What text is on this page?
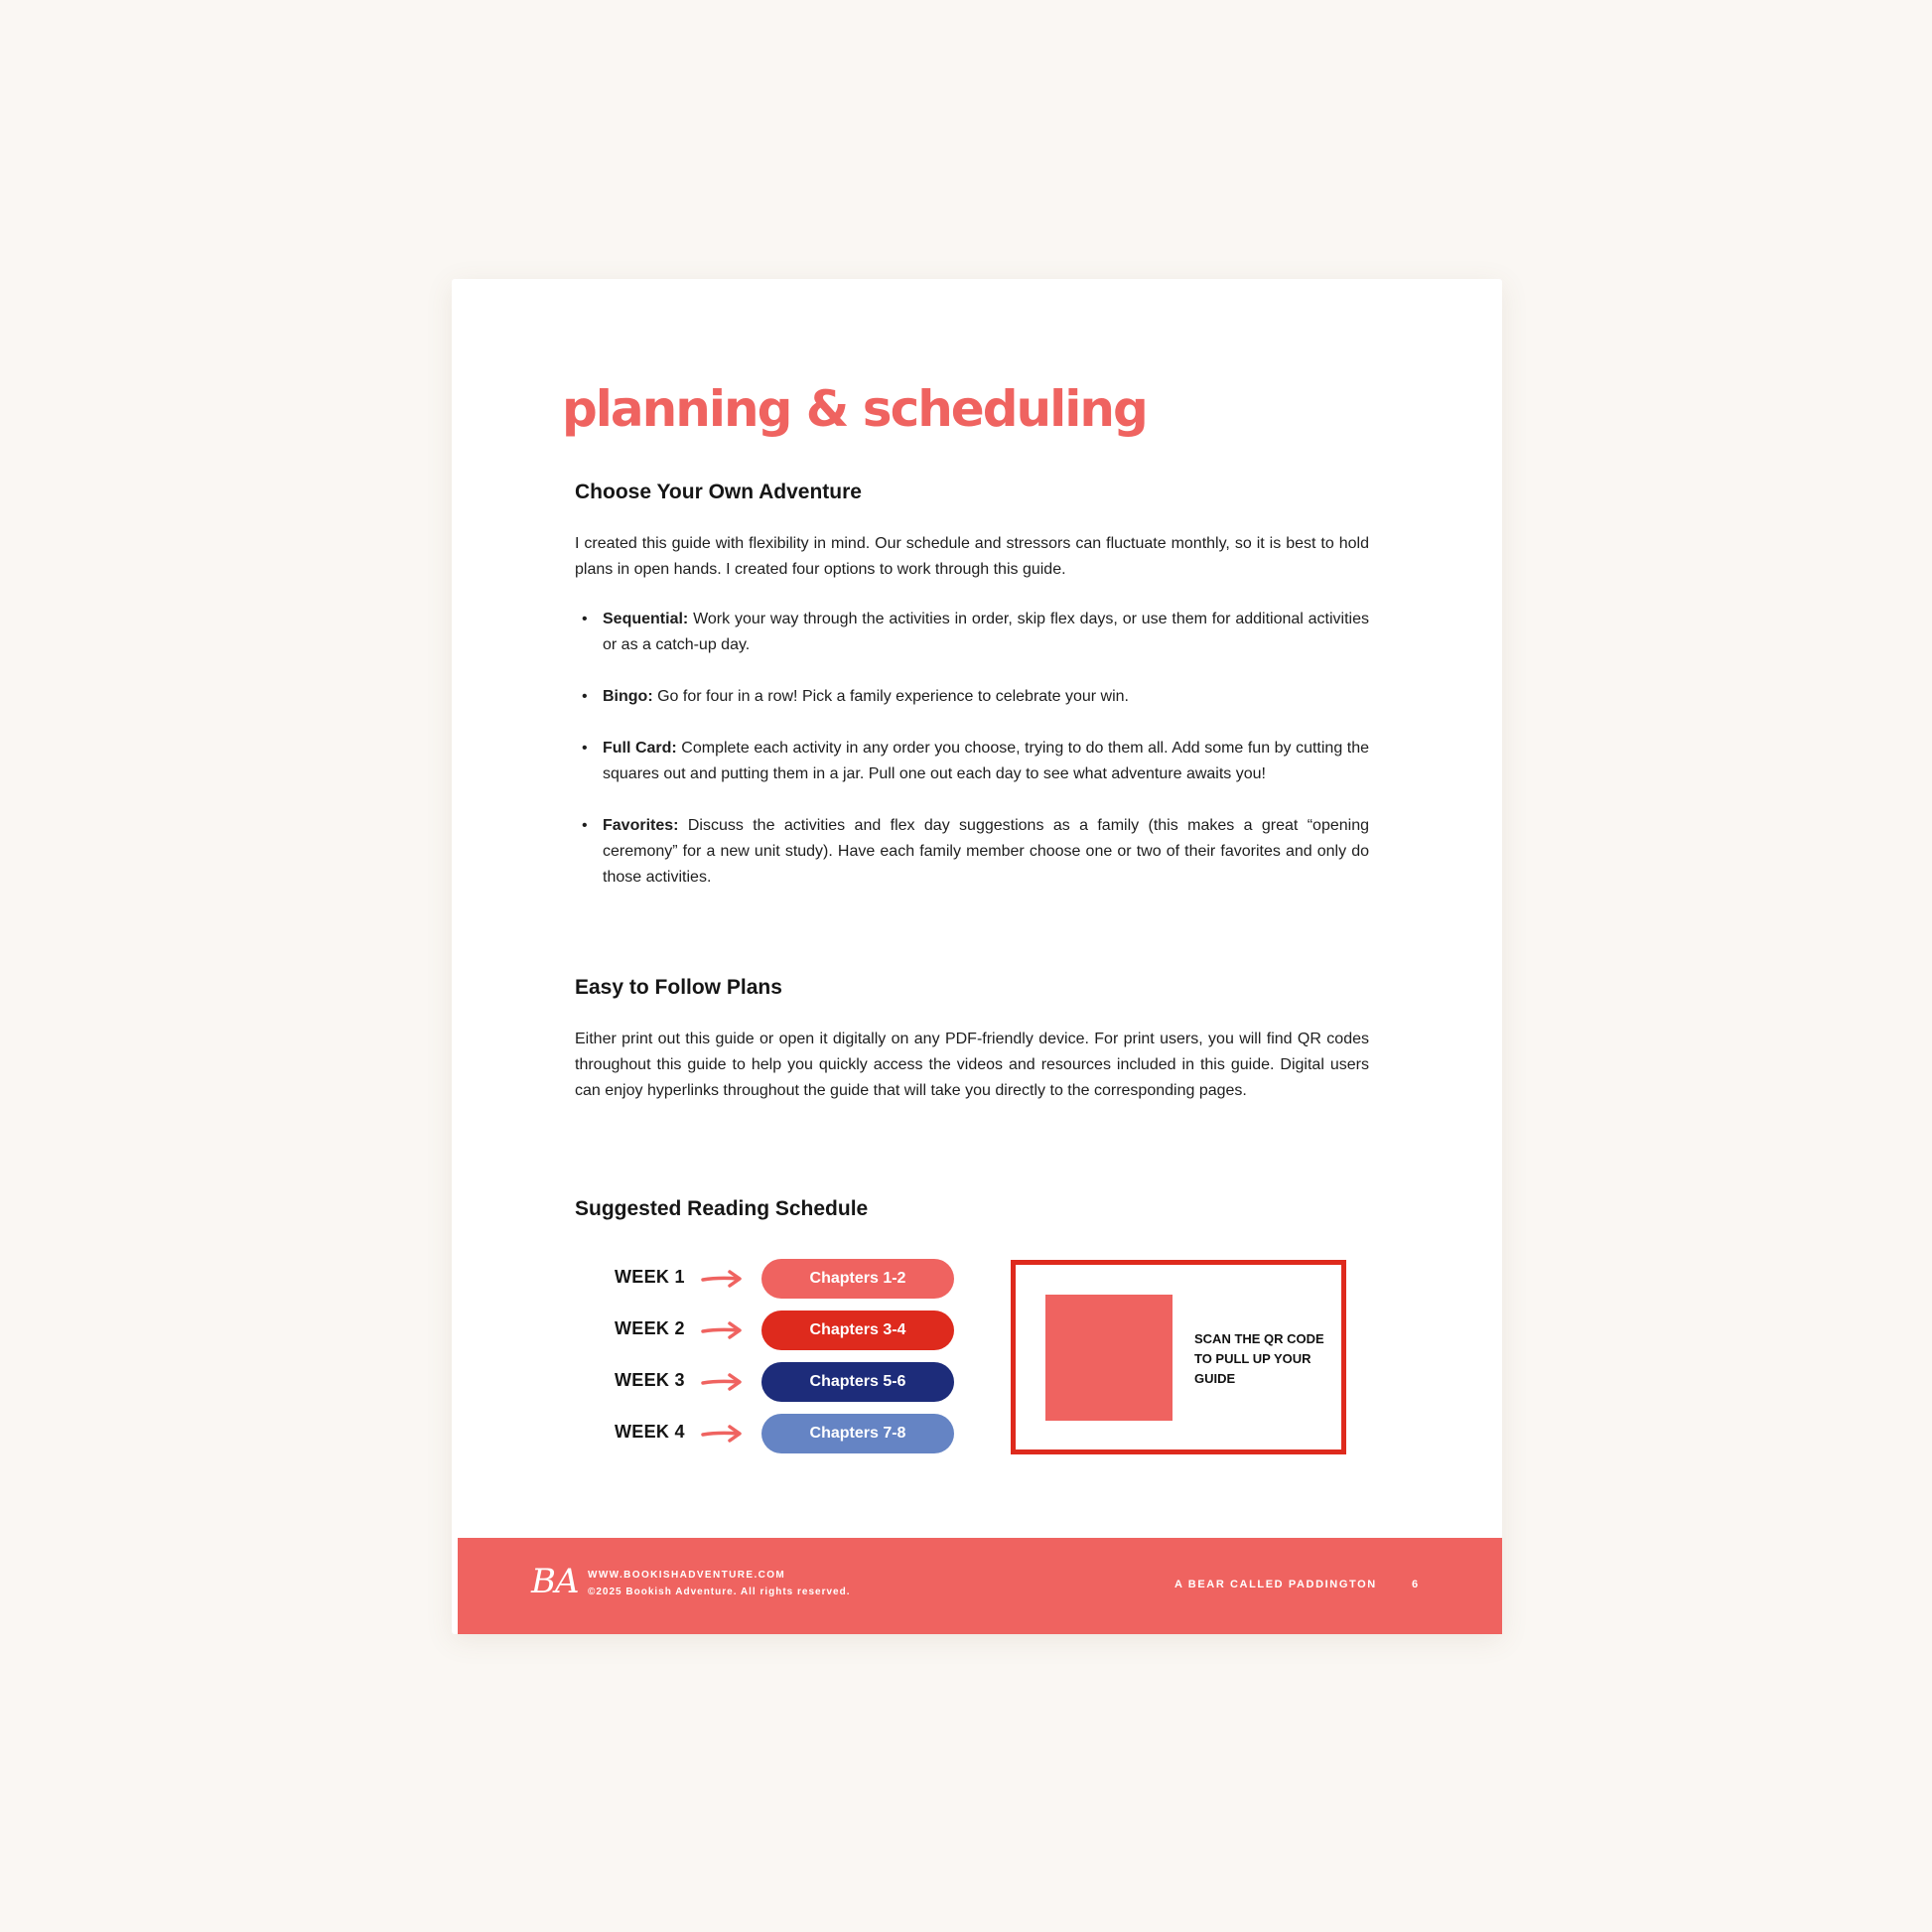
planning & scheduling
Choose Your Own Adventure

I created this guide with flexibility in mind. Our schedule and stressors can fluctuate monthly, so it is best to hold plans in open hands. I created four options to work through this guide.

• Sequential: Work your way through the activities in order, skip flex days, or use them for additional activities or as a catch-up day.
• Bingo: Go for four in a row! Pick a family experience to celebrate your win.
• Full Card: Complete each activity in any order you choose, trying to do them all. Add some fun by cutting the squares out and putting them in a jar. Pull one out each day to see what adventure awaits you!
• Favorites: Discuss the activities and flex day suggestions as a family (this makes a great “opening ceremony” for a new unit study). Have each family member choose one or two of their favorites and only do those activities.
Easy to Follow Plans

Either print out this guide or open it digitally on any PDF-friendly device. For print users, you will find QR codes throughout this guide to help you quickly access the videos and resources included in this guide. Digital users can enjoy hyperlinks throughout the guide that will take you directly to the corresponding pages.

Suggested Reading Schedule
WEEK 1	Chapters 1-2
WEEK 2	Chapters 3-4
WEEK 3	Chapters 5-6
WEEK 4	Chapters 7-8
SCAN THE QR CODE TO PULL UP YOUR GUIDE
BA WWW.BOOKISHADVENTURE.COM
©2025 Bookish Adventure. All rights reserved.
A BEAR CALLED PADDINGTON	6
